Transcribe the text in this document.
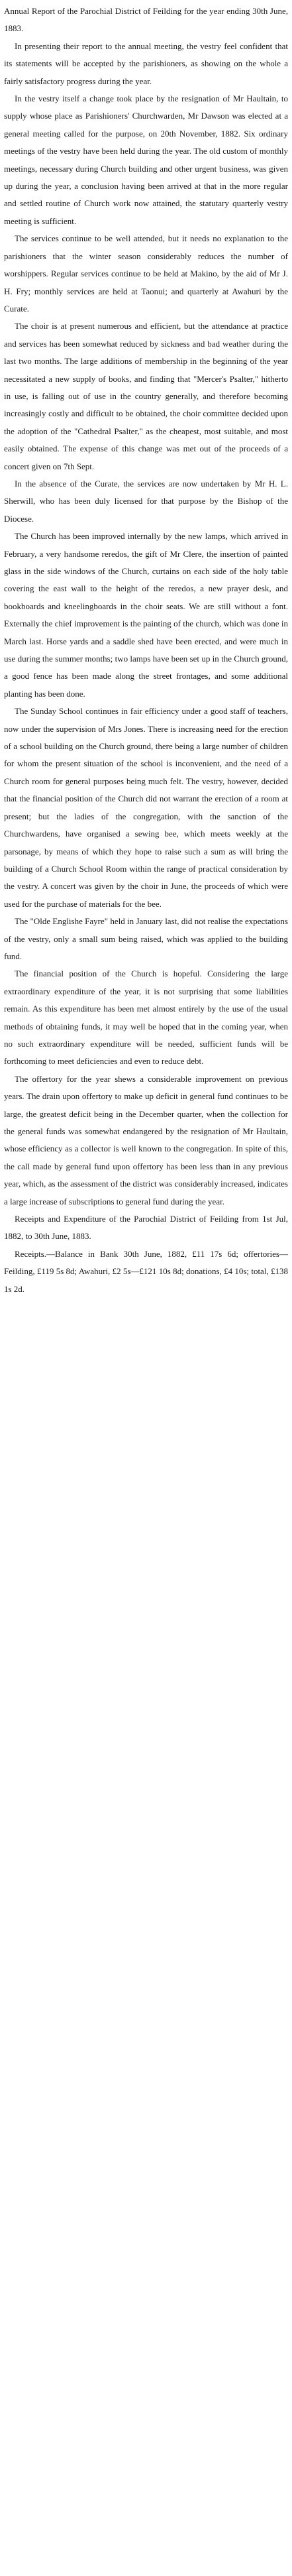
Annual Report of the Parochial District of Feilding for the year ending 30th June, 1883.

In presenting their report to the annual meeting, the vestry feel confident that its statements will be accepted by the parishioners, as showing on the whole a fairly satisfactory progress during the year.

In the vestry itself a change took place by the resignation of Mr Haultain, to supply whose place as Parishioners' Churchwarden, Mr Dawson was elected at a general meeting called for the purpose, on 20th November, 1882. Six ordinary meetings of the vestry have been held during the year. The old custom of monthly meetings, necessary during Church building and other urgent business, was given up during the year, a conclusion having been arrived at that in the more regular and settled routine of Church work now attained, the statutary quarterly vestry meeting is sufficient.

The services continue to be well attended, but it needs no explanation to the parishioners that the winter season considerably reduces the number of worshippers. Regular services continue to be held at Makino, by the aid of Mr J. H. Fry; monthly services are held at Taonui; and quarterly at Awahuri by the Curate.

The choir is at present numerous and efficient, but the attendance at practice and services has been somewhat reduced by sickness and bad weather during the last two months. The large additions of membership in the beginning of the year necessitated a new supply of books, and finding that "Mercer's Psalter," hitherto in use, is falling out of use in the country generally, and therefore becoming increasingly costly and difficult to be obtained, the choir committee decided upon the adoption of the "Cathedral Psalter," as the cheapest, most suitable, and most easily obtained. The expense of this change was met out of the proceeds of a concert given on 7th Sept.

In the absence of the Curate, the services are now undertaken by Mr H. L. Sherwill, who has been duly licensed for that purpose by the Bishop of the Diocese.

The Church has been improved internally by the new lamps, which arrived in February, a very handsome reredos, the gift of Mr Clere, the insertion of painted glass in the side windows of the Church, curtains on each side of the holy table covering the east wall to the height of the reredos, a new prayer desk, and bookboards and kneelingboards in the choir seats. We are still without a font. Externally the chief improvement is the painting of the church, which was done in March last. Horse yards and a saddle shed have been erected, and were much in use during the summer months; two lamps have been set up in the Church ground, a good fence has been made along the street frontages, and some additional planting has been done.

The Sunday School continues in fair efficiency under a good staff of teachers, now under the supervision of Mrs Jones. There is increasing need for the erection of a school building on the Church ground, there being a large number of children for whom the present situation of the school is inconvenient, and the need of a Church room for general purposes being much felt. The vestry, however, decided that the financial position of the Church did not warrant the erection of a room at present; but the ladies of the congregation, with the sanction of the Churchwardens, have organised a sewing bee, which meets weekly at the parsonage, by means of which they hope to raise such a sum as will bring the building of a Church School Room within the range of practical consideration by the vestry. A concert was given by the choir in June, the proceeds of which were used for the purchase of materials for the bee.

The "Olde Englishe Fayre" held in January last, did not realise the expectations of the vestry, only a small sum being raised, which was applied to the building fund.

The financial position of the Church is hopeful. Considering the large extraordinary expenditure of the year, it is not surprising that some liabilities remain. As this expenditure has been met almost entirely by the use of the usual methods of obtaining funds, it may well be hoped that in the coming year, when no such extraordinary expenditure will be needed, sufficient funds will be forthcoming to meet deficiencies and even to reduce debt.

The offertory for the year shews a considerable improvement on previous years. The drain upon offertory to make up deficit in general fund continues to be large, the greatest deficit being in the December quarter, when the collection for the general funds was somewhat endangered by the resignation of Mr Haultain, whose efficiency as a collector is well known to the congregation. In spite of this, the call made by general fund upon offertory has been less than in any previous year, which, as the assessment of the district was considerably increased, indicates a large increase of subscriptions to general fund during the year.

Receipts and Expenditure of the Parochial District of Feilding from 1st Jul, 1882, to 30th June, 1883.
Receipts.—Balance in Bank 30th June, 1882, £11 17s 6d; offertories—Feilding, £119 5s 8d; Awahuri, £2 5s—£121 10s 8d; donations, £4 10s; total, £138 1s 2d.
